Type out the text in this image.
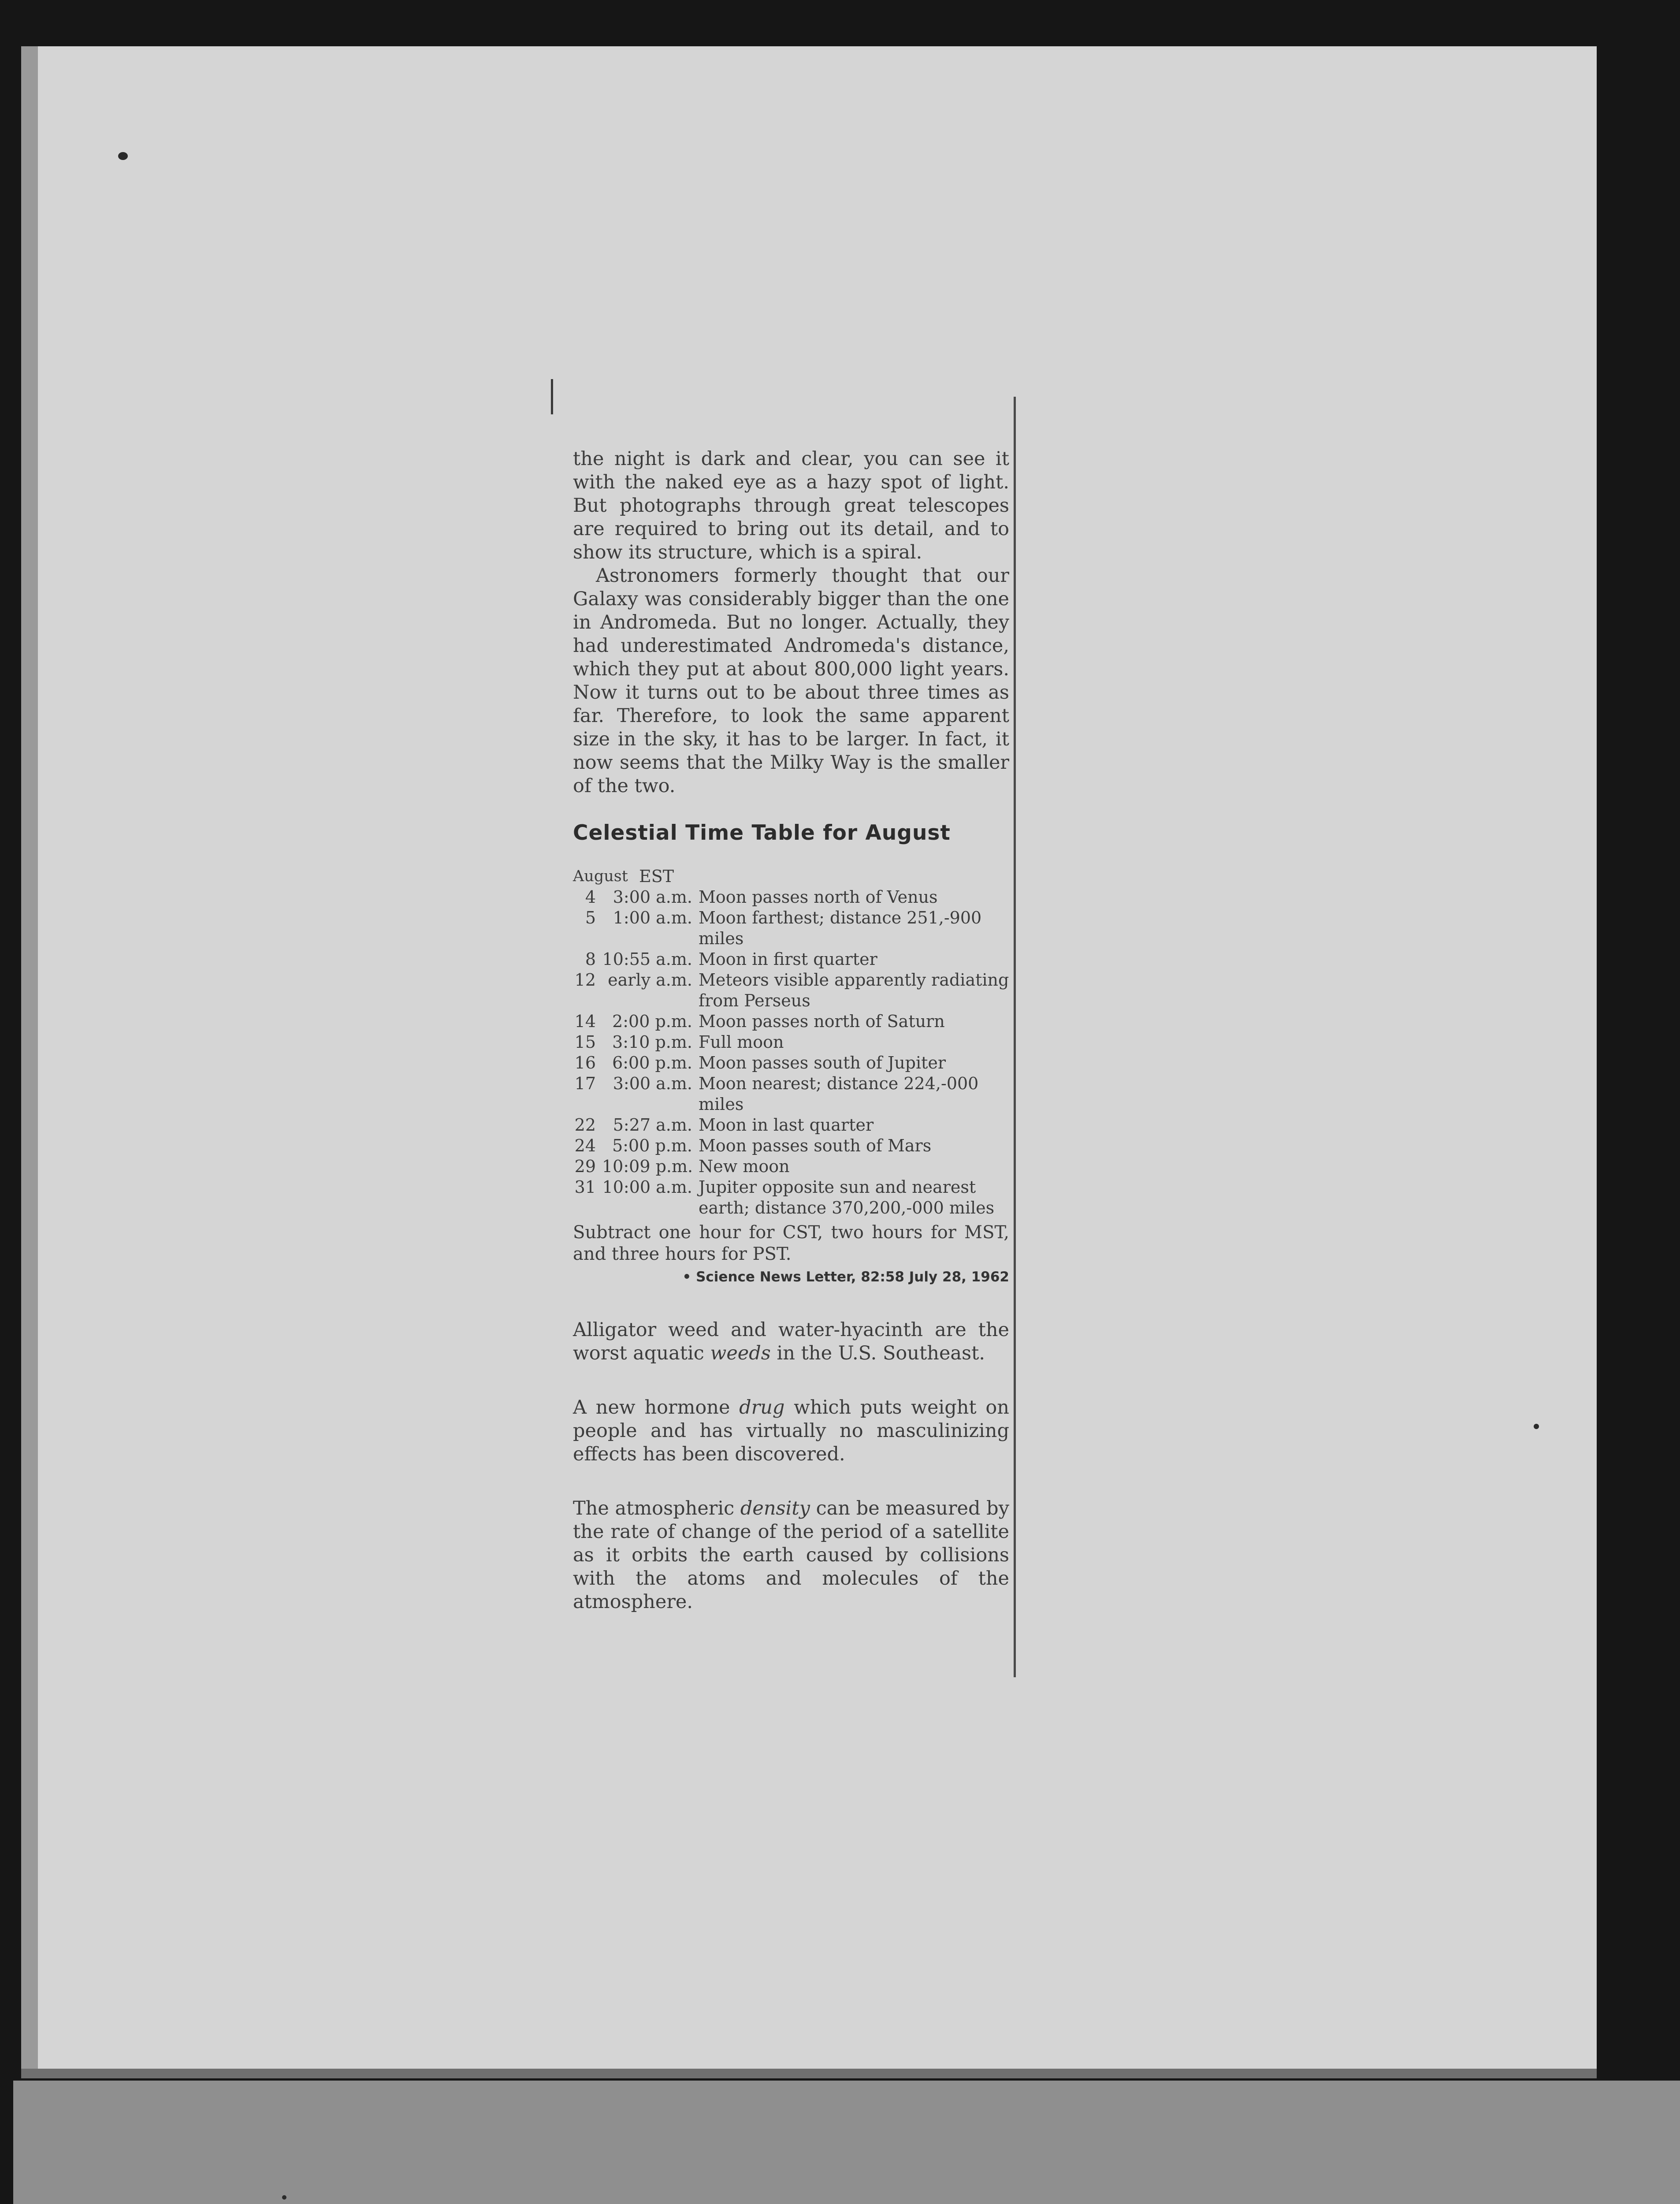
the night is dark and clear, you can see it with the naked eye as a hazy spot of light. But photographs through great telescopes are required to bring out its detail, and to show its structure, which is a spiral.

Astronomers formerly thought that our Galaxy was considerably bigger than the one in Andromeda. But no longer. Actually, they had underestimated Andromeda's distance, which they put at about 800,000 light years. Now it turns out to be about three times as far. Therefore, to look the same apparent size in the sky, it has to be larger. In fact, it now seems that the Milky Way is the smaller of the two.

Celestial Time Table for August
August EST
4	3:00 a.m. Moon passes north of Venus
5	1:00 a.m. Moon farthest; distance 251,-900 miles
8 10:55 a.m. Moon in first quarter
12 early a.m. Meteors visible apparently radiating from Perseus
14 2:00 p.m. Moon passes north of Saturn
15 3:10 p.m. Full moon
16 6:00 p.m. Moon passes south of Jupiter
17	3:00 a.m. Moon nearest; distance 224,-000 miles
22	5:27 a.m. Moon in last quarter
24 5:00 p.m. Moon passes south of Mars
29 10:09 p.m. New moon
31 10:00 a.m. Jupiter opposite sun and nearest earth; distance 370,200,-000 miles
Subtract one hour for CST, two hours for MST, and three hours for PST.
• Science News Letter, 82:58 July 28, 1962
Alligator weed and water-hyacinth are the worst aquatic weeds in the U.S. Southeast.
A new hormone drug which puts weight on people and has virtually no masculinizing effects has been discovered.
The atmospheric density can be measured by the rate of change of the period of a satellite as it orbits the earth caused by collisions with the atoms and molecules of the atmosphere.
